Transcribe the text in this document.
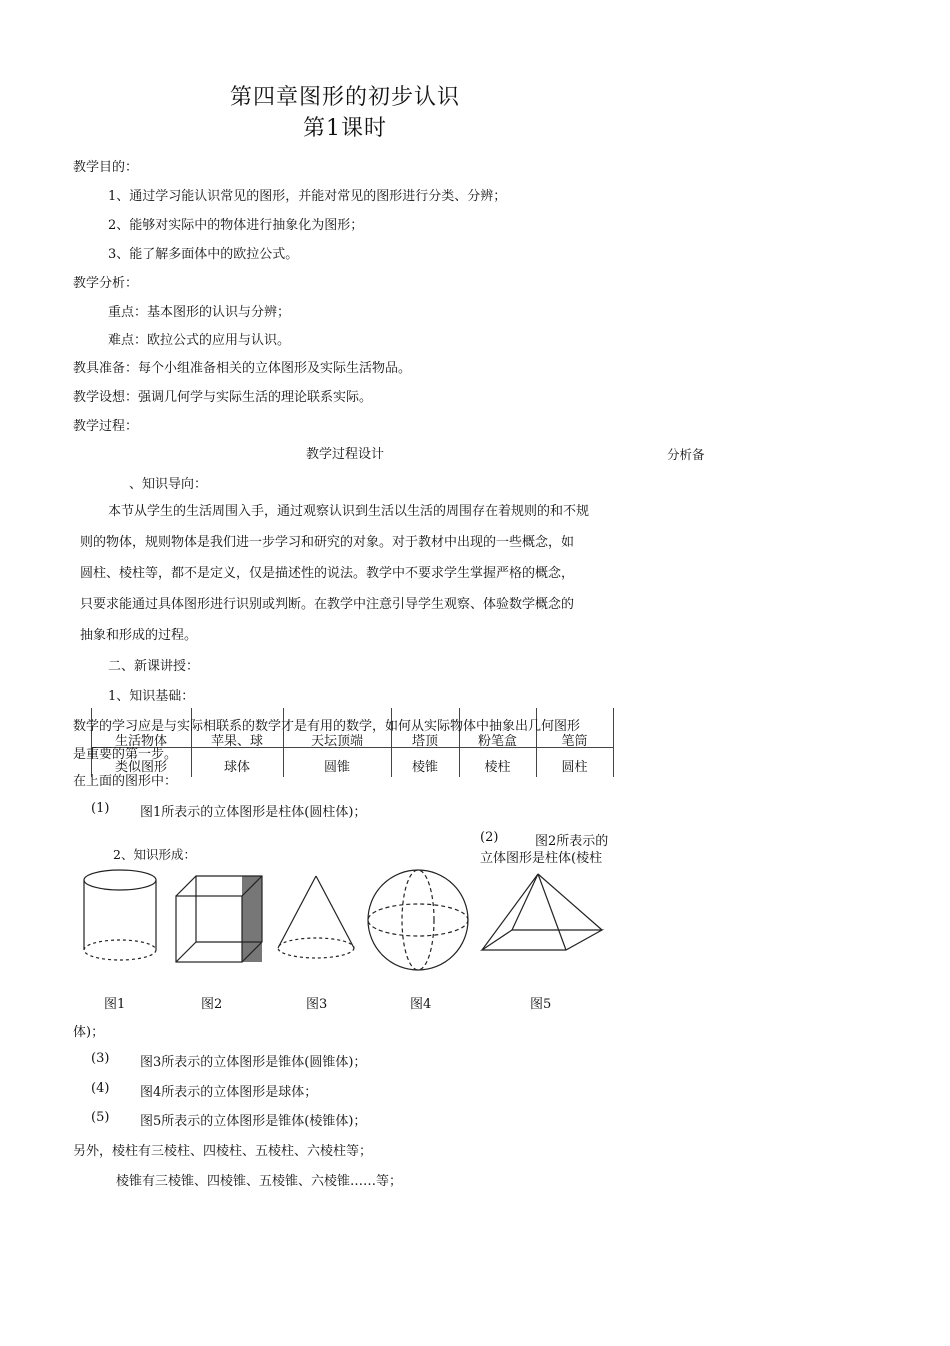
第四章图形的初步认识
第1课时
教学目的：
1、通过学习能认识常见的图形，并能对常见的图形进行分类、分辨；
2、能够对实际中的物体进行抽象化为图形；
3、能了解多面体中的欧拉公式。
教学分析：
重点：基本图形的认识与分辨；
难点：欧拉公式的应用与认识。
教具准备：每个小组准备相关的立体图形及实际生活物品。
教学设想：强调几何学与实际生活的理论联系实际。
教学过程：
教学过程设计	分析备
、知识导向：
本节从学生的生活周围入手，通过观察认识到生活以生活的周围存在着规则的和不规
则的物体，规则物体是我们进一步学习和研究的对象。对于教材中出现的一些概念，如
圆柱、棱柱等，都不是定义，仅是描述性的说法。教学中不要求学生掌握严格的概念，
只要求能通过具体图形进行识别或判断。在教学中注意引导学生观察、体验数学概念的
抽象和形成的过程。
二、新课讲授：
1、知识基础：
生活物体	苹果、球	天坛顶端	塔顶	粉笔盒	笔筒
类似图形	球体	圆锥	棱锥	棱柱	圆柱
数学的学习应是与实际相联系的数学才是有用的数学，如何从实际物体中抽象出几何图形
是重要的第一步。
在上面的图形中：
(1) 图1所表示的立体图形是柱体(圆柱体)；
(2)	图2所表示的
立体图形是柱体(棱柱
2、知识形成：
图1	图2	图3	图4	图5
体)；
(3) 图3所表示的立体图形是锥体(圆锥体)；
(4) 图4所表示的立体图形是球体；
(5) 图5所表示的立体图形是锥体(棱锥体)；
另外，棱柱有三棱柱、四棱柱、五棱柱、六棱柱等；
棱锥有三棱锥、四棱锥、五棱锥、六棱锥……等；
